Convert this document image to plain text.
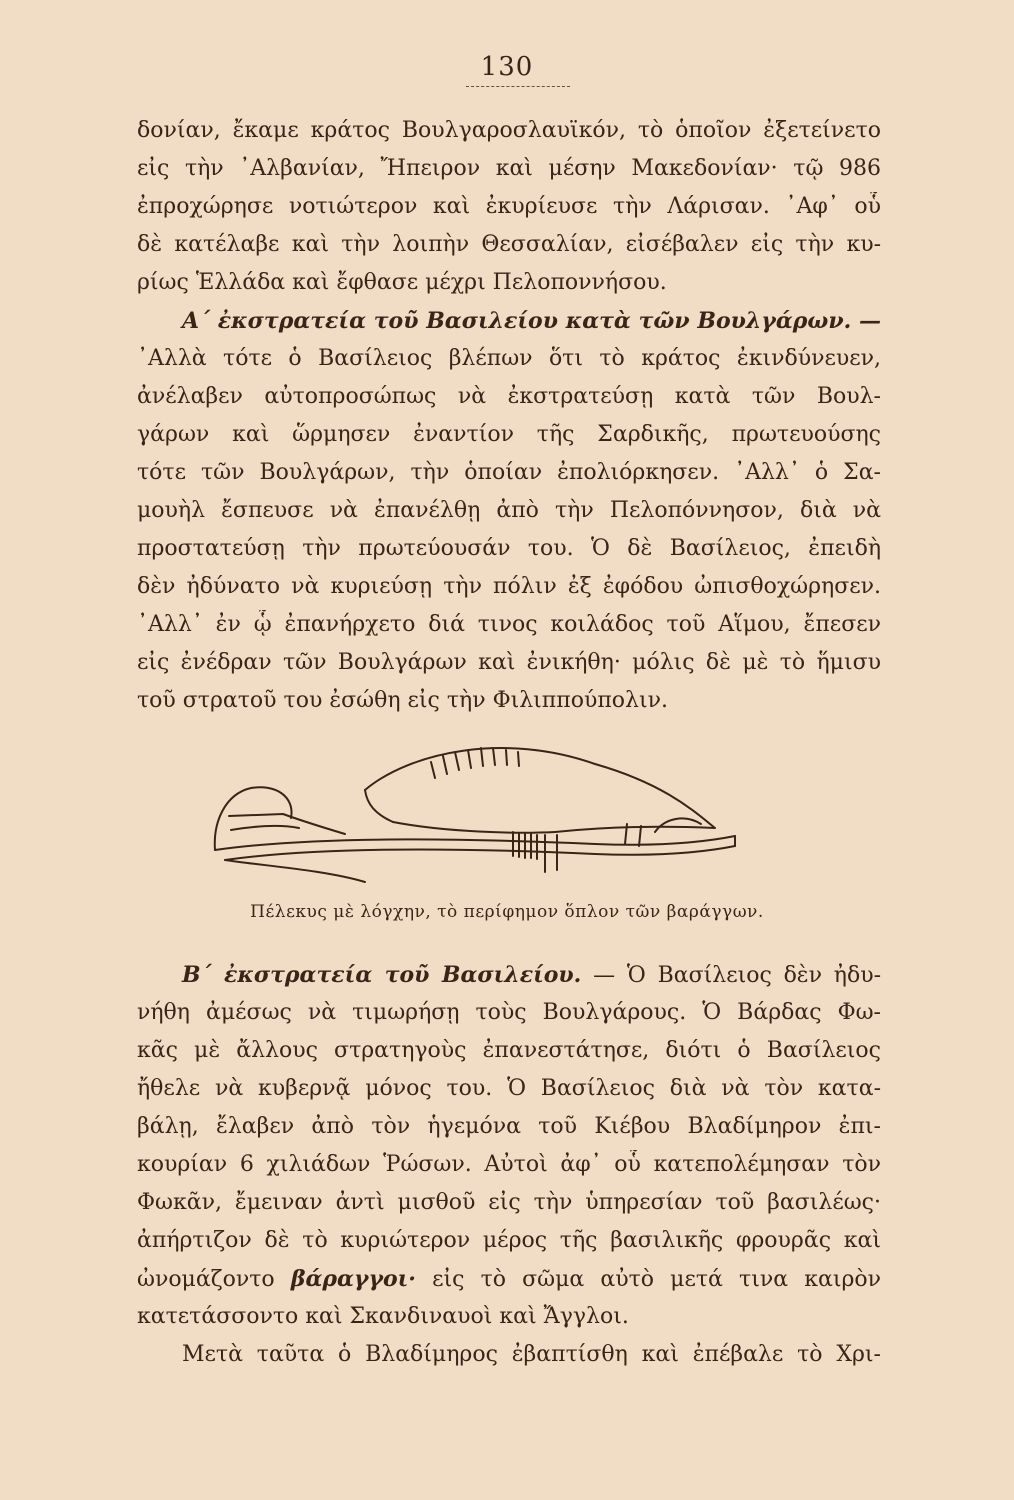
130
δονίαν, ἔκαμε κράτος Βουλγαροσλαυϊκόν, τὸ ὁποῖον ἐξετείνετο
εἰς τὴν ᾿Αλβανίαν, Ἤπειρον καὶ μέσην Μακεδονίαν· τῷ 986
ἐπροχώρησε νοτιώτερον καὶ ἐκυρίευσε τὴν Λάρισαν. ᾿Αφ᾿ οὗ
δὲ κατέλαβε καὶ τὴν λοιπὴν Θεσσαλίαν, εἰσέβαλεν εἰς τὴν κυ-
ρίως Ἑλλάδα καὶ ἔφθασε μέχρι Πελοποννήσου.
Α΄ ἐκστρατεία τοῦ Βασιλείου κατὰ τῶν Βουλγάρων. —
᾿Αλλὰ τότε ὁ Βασίλειος βλέπων ὅτι τὸ κράτος ἐκινδύνευεν,
ἀνέλαβεν αὐτοπροσώπως νὰ ἐκστρατεύσῃ κατὰ τῶν Βουλ-
γάρων καὶ ὥρμησεν ἐναντίον τῆς Σαρδικῆς, πρωτευούσης
τότε τῶν Βουλγάρων, τὴν ὁποίαν ἐπολιόρκησεν. ᾿Αλλ᾿ ὁ Σα-
μουὴλ ἔσπευσε νὰ ἐπανέλθῃ ἀπὸ τὴν Πελοπόννησον, διὰ νὰ
προστατεύσῃ τὴν πρωτεύουσάν του. Ὁ δὲ Βασίλειος, ἐπειδὴ
δὲν ἠδύνατο νὰ κυριεύσῃ τὴν πόλιν ἐξ ἐφόδου ὠπισθοχώρησεν.
᾿Αλλ᾿ ἐν ᾧ ἐπανήρχετο διά τινος κοιλάδος τοῦ Αἵμου, ἔπεσεν
εἰς ἐνέδραν τῶν Βουλγάρων καὶ ἐνικήθη· μόλις δὲ μὲ τὸ ἥμισυ
τοῦ στρατοῦ του ἐσώθη εἰς τὴν Φιλιππούπολιν.
Πέλεκυς μὲ λόγχην, τὸ περίφημον ὅπλον τῶν βαράγγων.
Β΄ ἐκστρατεία τοῦ Βασιλείου. — Ὁ Βασίλειος δὲν ἠδυ-
νήθη ἀμέσως νὰ τιμωρήσῃ τοὺς Βουλγάρους. Ὁ Βάρδας Φω-
κᾶς μὲ ἄλλους στρατηγοὺς ἐπανεστάτησε, διότι ὁ Βασίλειος
ἤθελε νὰ κυβερνᾷ μόνος του. Ὁ Βασίλειος διὰ νὰ τὸν κατα-
βάλῃ, ἔλαβεν ἀπὸ τὸν ἡγεμόνα τοῦ Κιέβου Βλαδίμηρον ἐπι-
κουρίαν 6 χιλιάδων Ῥώσων. Αὐτοὶ ἀφ᾿ οὗ κατεπολέμησαν τὸν
Φωκᾶν, ἔμειναν ἀντὶ μισθοῦ εἰς τὴν ὑπηρεσίαν τοῦ βασιλέως·
ἀπήρτιζον δὲ τὸ κυριώτερον μέρος τῆς βασιλικῆς φρουρᾶς καὶ
ὠνομάζοντο βάραγγοι· εἰς τὸ σῶμα αὐτὸ μετά τινα καιρὸν
κατετάσσοντο καὶ Σκανδιναυοὶ καὶ Ἄγγλοι.
Μετὰ ταῦτα ὁ Βλαδίμηρος ἐβαπτίσθη καὶ ἐπέβαλε τὸ Χρι-
